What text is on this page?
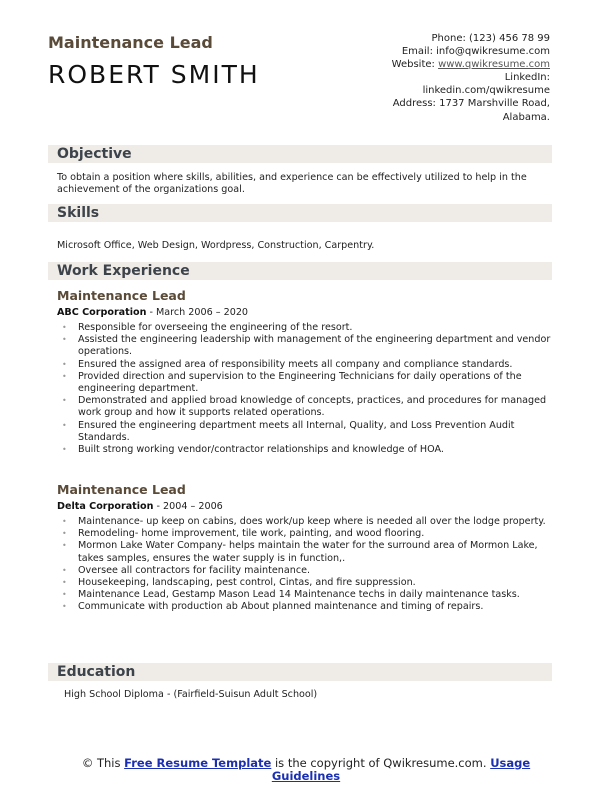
Maintenance Lead
ROBERT SMITH
Phone: (123) 456 78 99
Email: info@qwikresume.com
Website: www.qwikresume.com
LinkedIn:
linkedin.com/qwikresume
Address: 1737 Marshville Road,
Alabama.
Objective
To obtain a position where skills, abilities, and experience can be effectively utilized to help in the achievement of the organizations goal.
Skills
Microsoft Office, Web Design, Wordpress, Construction, Carpentry.
Work Experience
Maintenance Lead
ABC Corporation - March 2006 – 2020
• Responsible for overseeing the engineering of the resort.
• Assisted the engineering leadership with management of the engineering department and vendor operations.
• Ensured the assigned area of responsibility meets all company and compliance standards.
• Provided direction and supervision to the Engineering Technicians for daily operations of the engineering department.
• Demonstrated and applied broad knowledge of concepts, practices, and procedures for managed work group and how it supports related operations.
• Ensured the engineering department meets all Internal, Quality, and Loss Prevention Audit Standards.
• Built strong working vendor/contractor relationships and knowledge of HOA.
Maintenance Lead
Delta Corporation - 2004 – 2006
• Maintenance- up keep on cabins, does work/up keep where is needed all over the lodge property.
• Remodeling- home improvement, tile work, painting, and wood flooring.
• Mormon Lake Water Company- helps maintain the water for the surround area of Mormon Lake, takes samples, ensures the water supply is in function,.
• Oversee all contractors for facility maintenance.
• Housekeeping, landscaping, pest control, Cintas, and fire suppression.
• Maintenance Lead, Gestamp Mason Lead 14 Maintenance techs in daily maintenance tasks.
• Communicate with production ab About planned maintenance and timing of repairs.
Education
High School Diploma - (Fairfield-Suisun Adult School)
© This Free Resume Template is the copyright of Qwikresume.com. Usage Guidelines
